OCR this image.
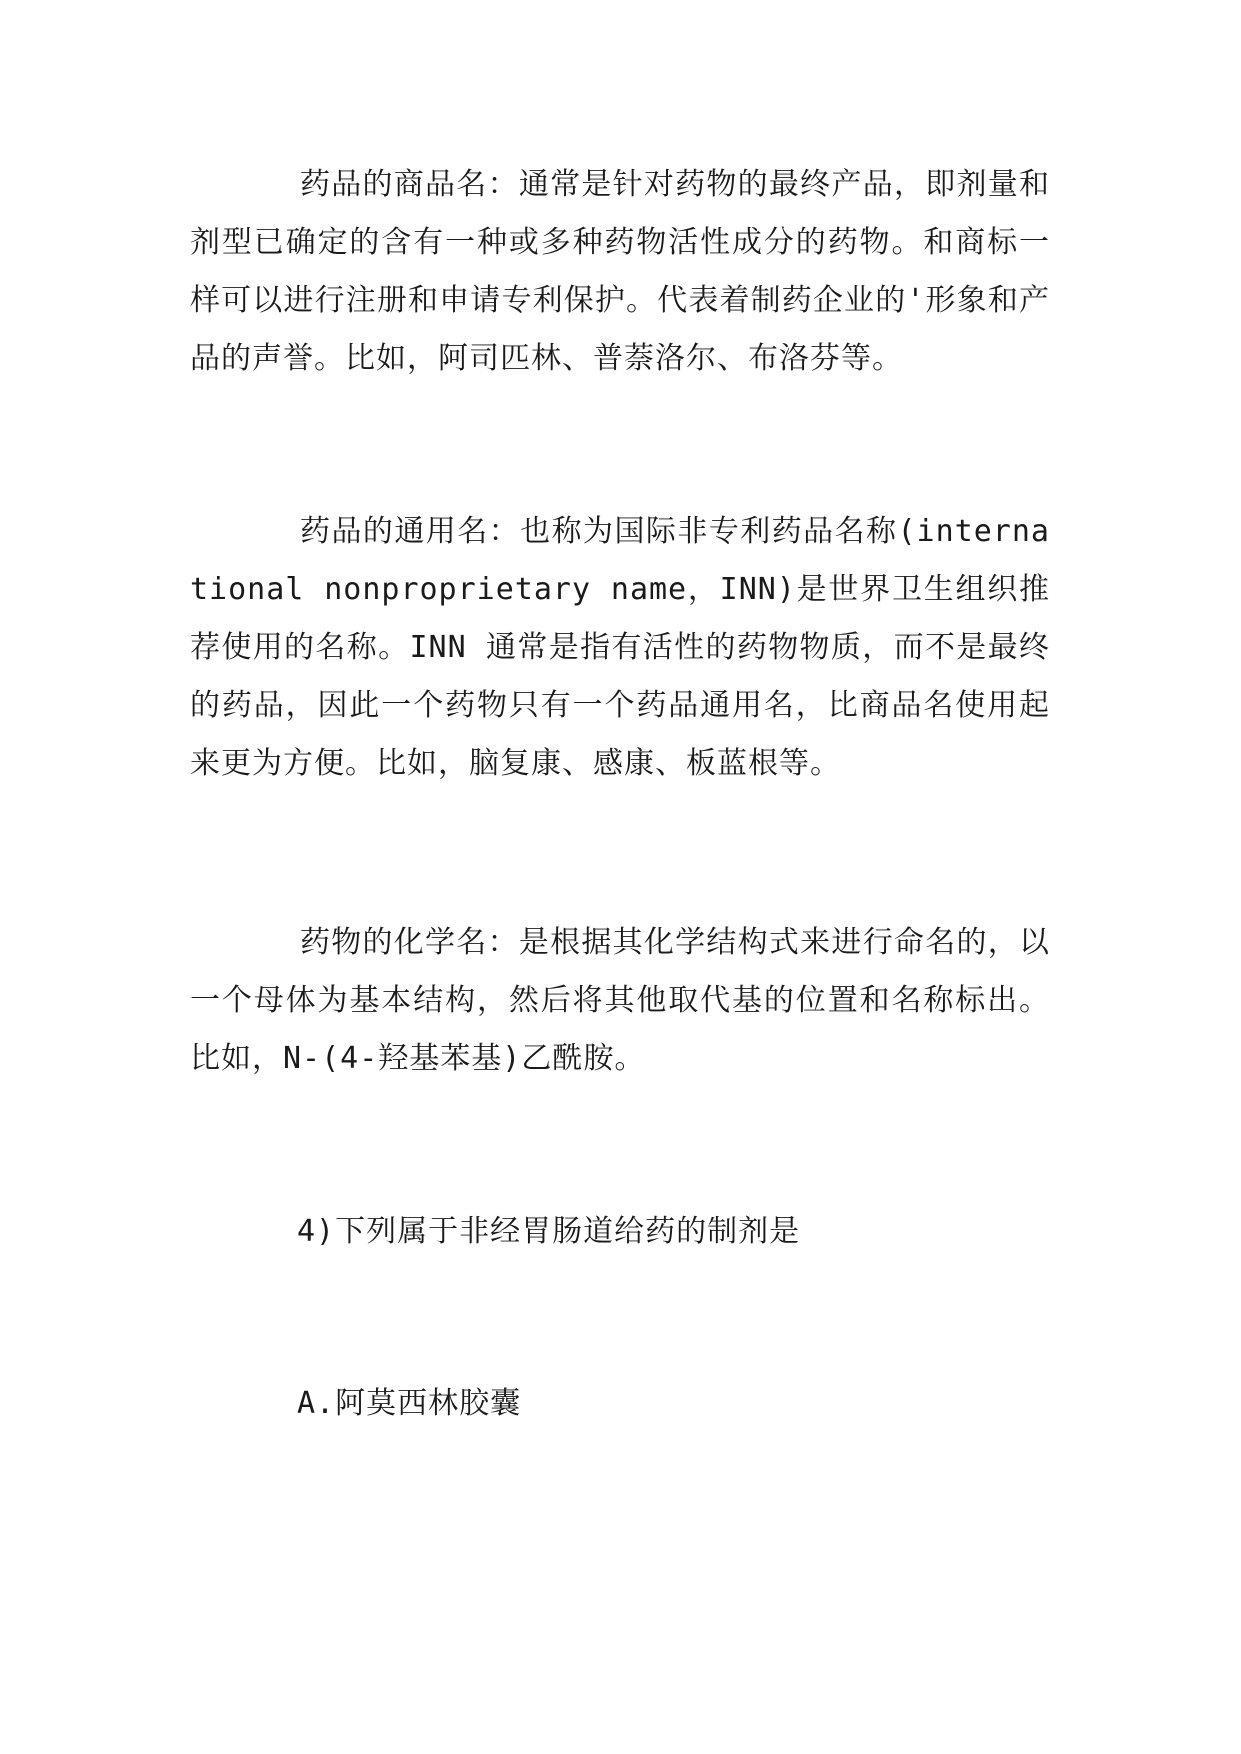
药品的商品名：通常是针对药物的最终产品，即剂量和剂型已确定的含有一种或多种药物活性成分的药物。和商标一样可以进行注册和申请专利保护。代表着制药企业的'形象和产品的声誉。比如，阿司匹林、普萘洛尔、布洛芬等。

药品的通用名：也称为国际非专利药品名称(international nonproprietary name，INN)是世界卫生组织推荐使用的名称。INN 通常是指有活性的药物物质，而不是最终的药品，因此一个药物只有一个药品通用名，比商品名使用起来更为方便。比如，脑复康、感康、板蓝根等。

药物的化学名：是根据其化学结构式来进行命名的，以一个母体为基本结构，然后将其他取代基的位置和名称标出。比如，N-(4-羟基苯基)乙酰胺。

4)下列属于非经胃肠道给药的制剂是

A.阿莫西林胶囊
